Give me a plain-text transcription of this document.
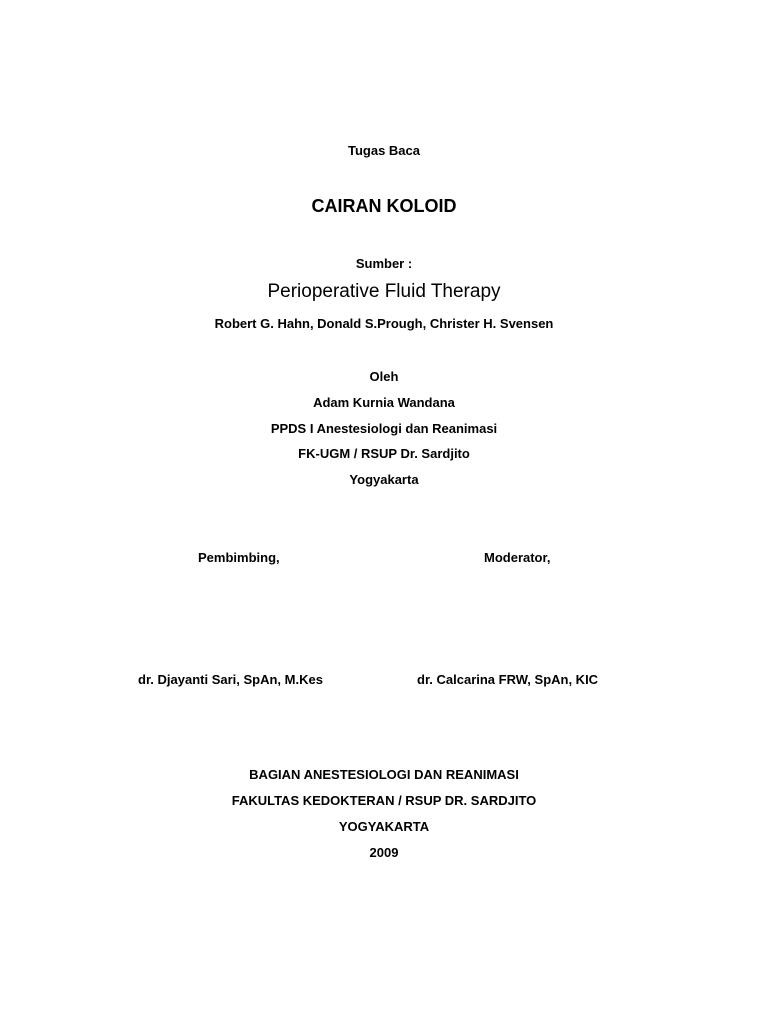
Tugas Baca
CAIRAN KOLOID
Sumber :
Perioperative Fluid Therapy
Robert G. Hahn, Donald S.Prough, Christer H. Svensen
Oleh
Adam Kurnia Wandana
PPDS I Anestesiologi dan Reanimasi
FK-UGM / RSUP Dr. Sardjito
Yogyakarta
Pembimbing,	Moderator,
dr. Djayanti Sari, SpAn, M.Kes	dr. Calcarina FRW, SpAn, KIC
BAGIAN ANESTESIOLOGI DAN REANIMASI
FAKULTAS KEDOKTERAN / RSUP DR. SARDJITO
YOGYAKARTA
2009
